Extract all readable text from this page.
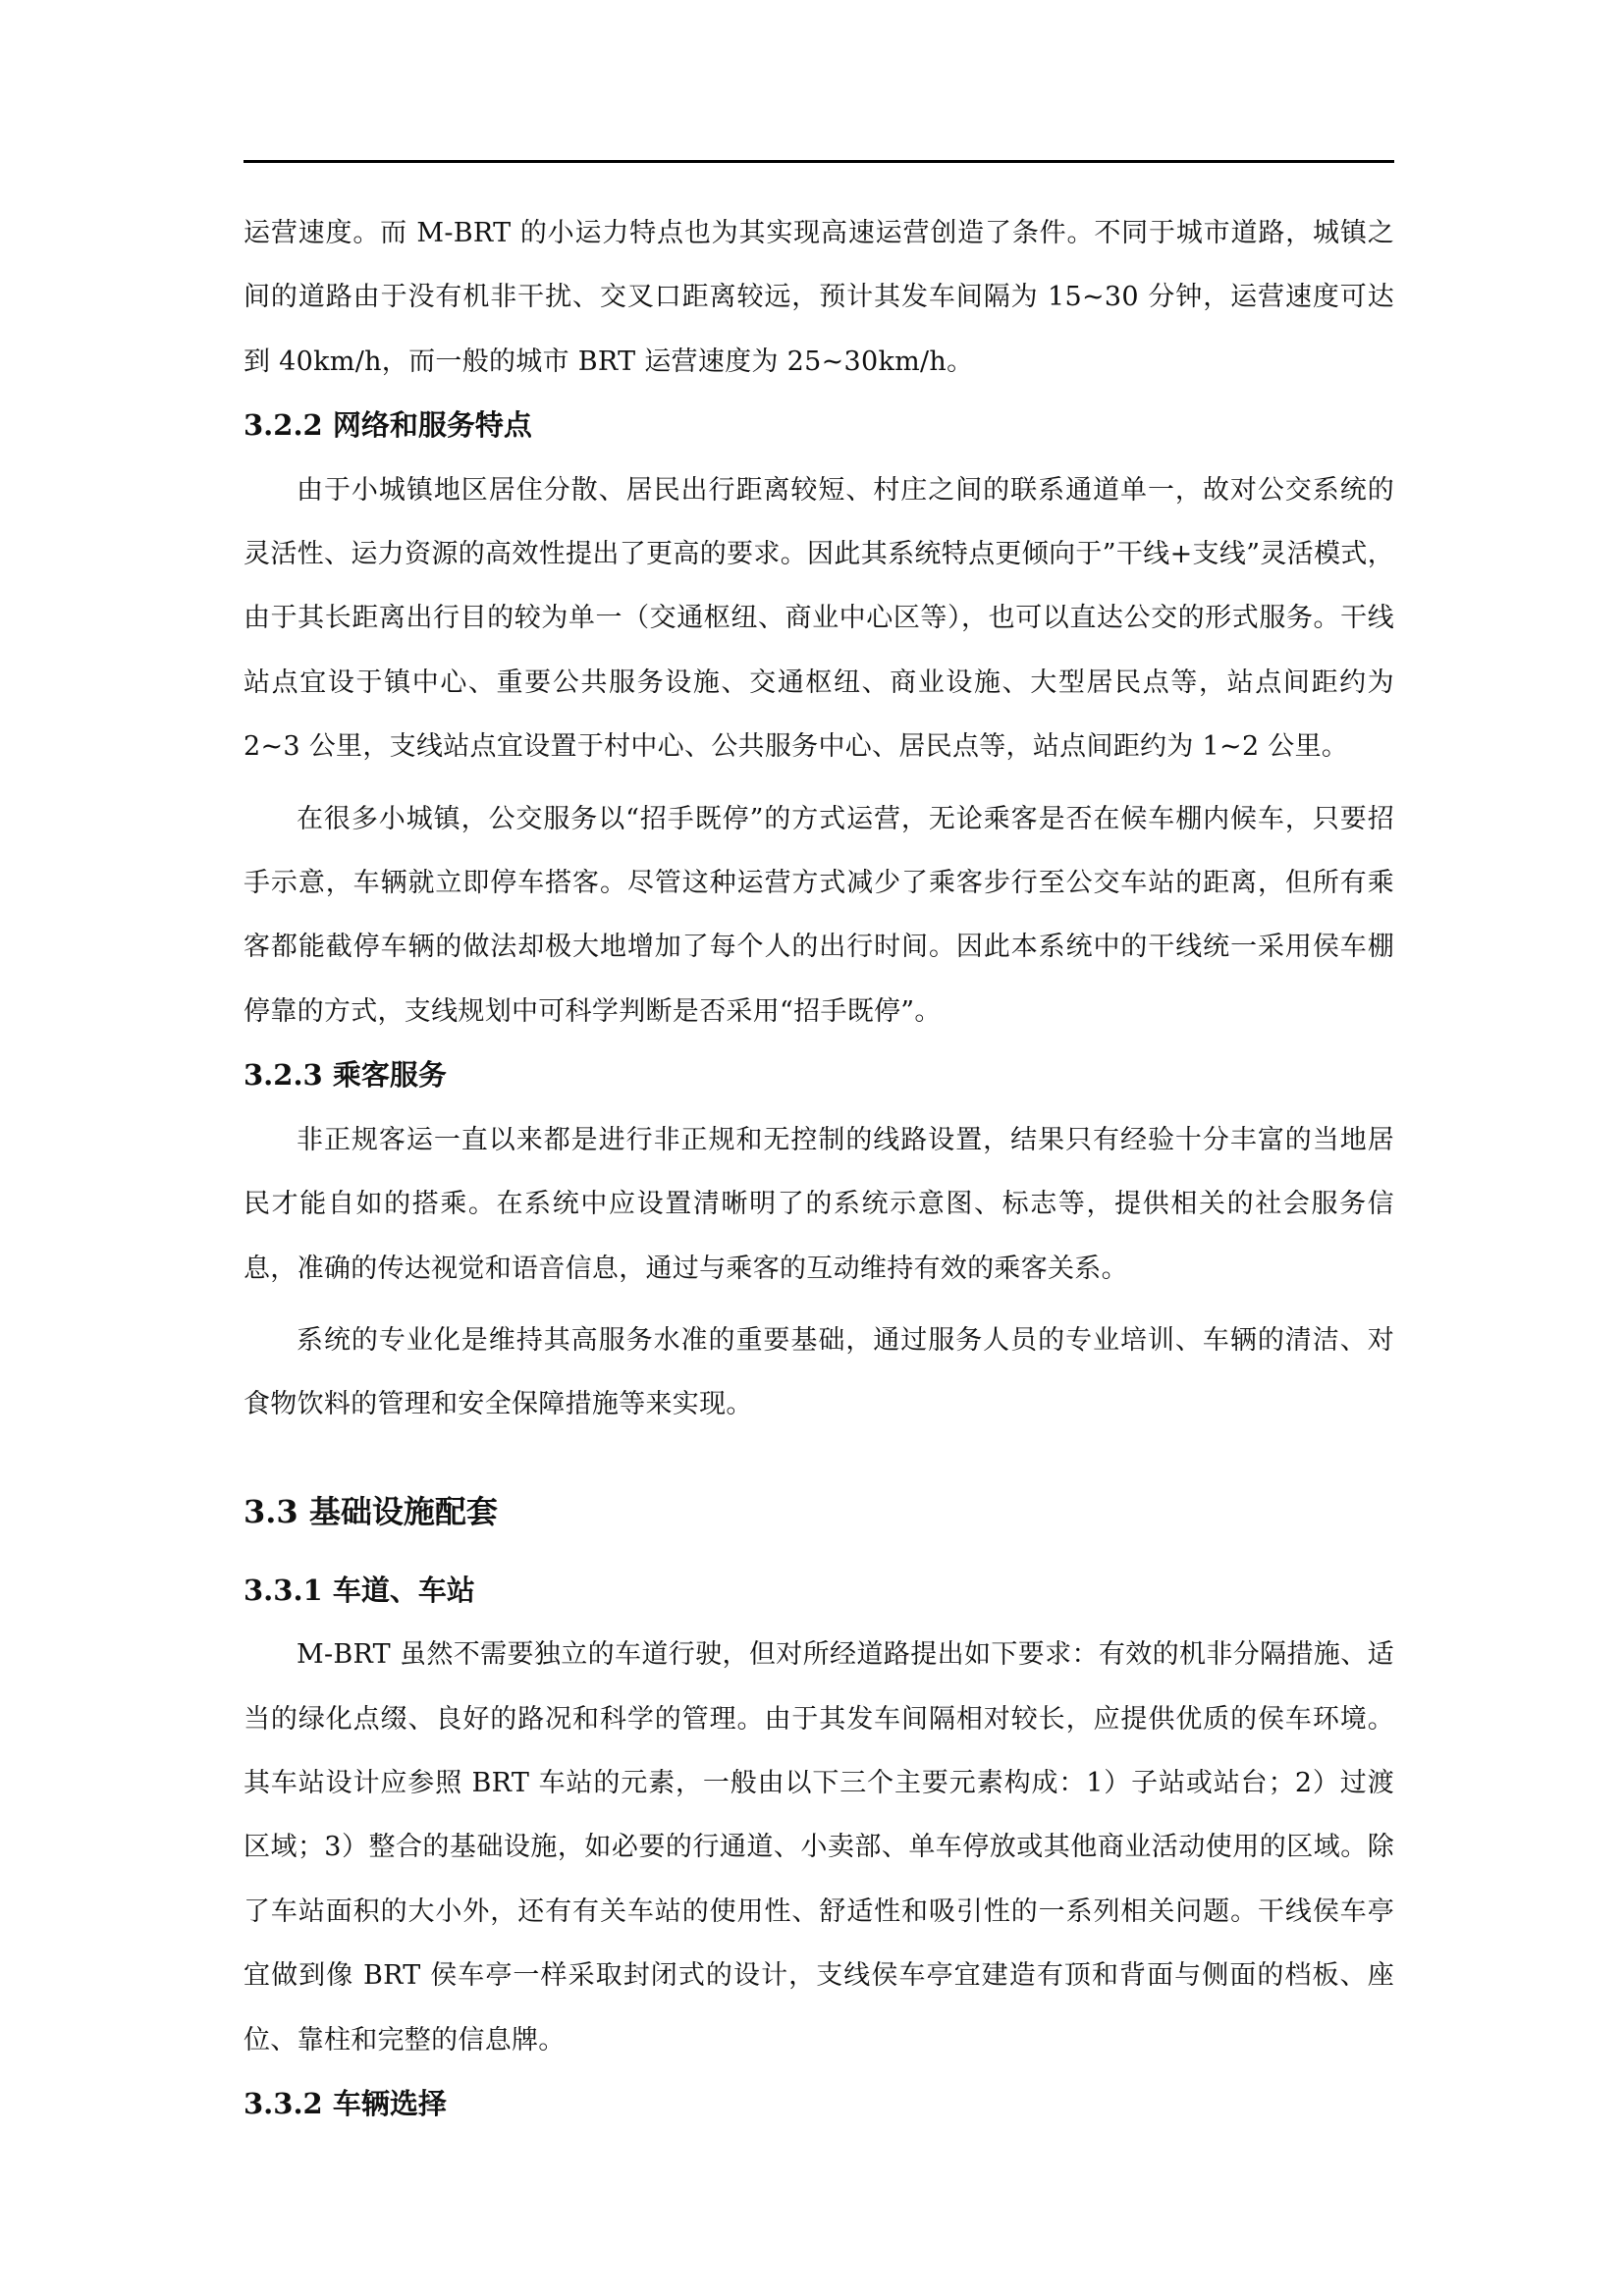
运营速度。而 M-BRT 的小运力特点也为其实现高速运营创造了条件。不同于城市道路，城镇之间的道路由于没有机非干扰、交叉口距离较远，预计其发车间隔为 15~30 分钟，运营速度可达到 40km/h，而一般的城市 BRT 运营速度为 25~30km/h。

3.2.2 网络和服务特点

由于小城镇地区居住分散、居民出行距离较短、村庄之间的联系通道单一，故对公交系统的灵活性、运力资源的高效性提出了更高的要求。因此其系统特点更倾向于”干线+支线”灵活模式，由于其长距离出行目的较为单一（交通枢纽、商业中心区等），也可以直达公交的形式服务。干线站点宜设于镇中心、重要公共服务设施、交通枢纽、商业设施、大型居民点等，站点间距约为 2~3 公里，支线站点宜设置于村中心、公共服务中心、居民点等，站点间距约为 1~2 公里。

在很多小城镇，公交服务以“招手既停”的方式运营，无论乘客是否在候车棚内候车，只要招手示意，车辆就立即停车搭客。尽管这种运营方式减少了乘客步行至公交车站的距离，但所有乘客都能截停车辆的做法却极大地增加了每个人的出行时间。因此本系统中的干线统一采用侯车棚停靠的方式，支线规划中可科学判断是否采用“招手既停”。

3.2.3 乘客服务

非正规客运一直以来都是进行非正规和无控制的线路设置，结果只有经验十分丰富的当地居民才能自如的搭乘。在系统中应设置清晰明了的系统示意图、标志等，提供相关的社会服务信息，准确的传达视觉和语音信息，通过与乘客的互动维持有效的乘客关系。

系统的专业化是维持其高服务水准的重要基础，通过服务人员的专业培训、车辆的清洁、对食物饮料的管理和安全保障措施等来实现。

3.3 基础设施配套
3.3.1 车道、车站

M-BRT 虽然不需要独立的车道行驶，但对所经道路提出如下要求：有效的机非分隔措施、适当的绿化点缀、良好的路况和科学的管理。由于其发车间隔相对较长，应提供优质的侯车环境。其车站设计应参照 BRT 车站的元素，一般由以下三个主要元素构成：1）子站或站台；2）过渡区域；3）整合的基础设施，如必要的行通道、小卖部、单车停放或其他商业活动使用的区域。除了车站面积的大小外，还有有关车站的使用性、舒适性和吸引性的一系列相关问题。干线侯车亭宜做到像 BRT 侯车亭一样采取封闭式的设计，支线侯车亭宜建造有顶和背面与侧面的档板、座位、靠柱和完整的信息牌。

3.3.2 车辆选择
